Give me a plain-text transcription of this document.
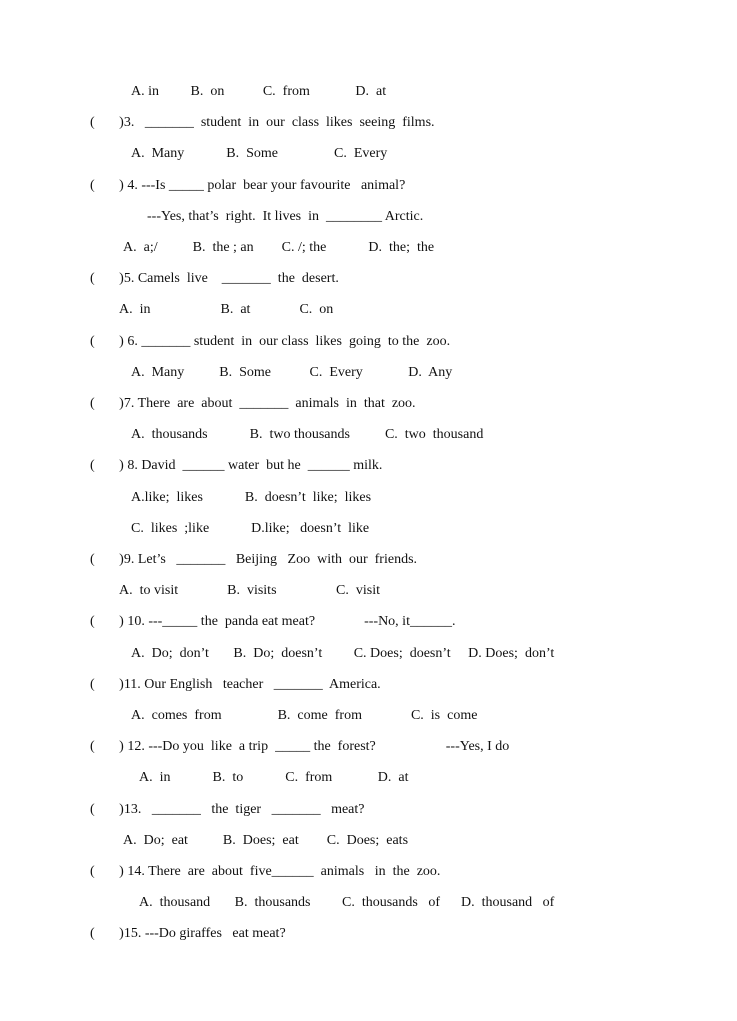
A. in         B.  on           C.  from             D.  at
(       )3.   _______  student  in  our  class  likes  seeing  films.
A.  Many            B.  Some                C.  Every
(       ) 4. ---Is _____ polar  bear your favourite   animal?
---Yes, that’s  right.  It lives  in  ________ Arctic.
A.  a;/          B.  the ; an        C. /; the            D.  the;  the
(       )5. Camels  live    _______  the  desert.
A.  in                    B.  at              C.  on
(       ) 6. _______ student  in  our class  likes  going  to the  zoo.
A.  Many          B.  Some           C.  Every             D.  Any
(       )7. There  are  about  _______  animals  in  that  zoo.
A.  thousands            B.  two thousands          C.  two  thousand
(       ) 8. David  ______ water  but he  ______ milk.
A.like;  likes            B.  doesn’t  like;  likes
C.  likes  ;like            D.like;   doesn’t  like
(       )9. Let’s   _______   Beijing   Zoo  with  our  friends.
A.  to visit              B.  visits                 C.  visit
(       ) 10. ---_____ the  panda eat meat?              ---No, it______.
A.  Do;  don’t       B.  Do;  doesn’t         C. Does;  doesn’t     D. Does;  don’t
(       )11. Our English   teacher   _______  America.
A.  comes  from                B.  come  from              C.  is  come
(       ) 12. ---Do you  like  a trip  _____ the  forest?                    ---Yes, I do
A.  in            B.  to            C.  from             D.  at
(       )13.   _______   the  tiger   _______   meat?
A.  Do;  eat          B.  Does;  eat        C.  Does;  eats
(       ) 14. There  are  about  five______  animals   in  the  zoo.
A.  thousand       B.  thousands         C.  thousands   of      D.  thousand   of
(       )15. ---Do giraffes   eat meat?
